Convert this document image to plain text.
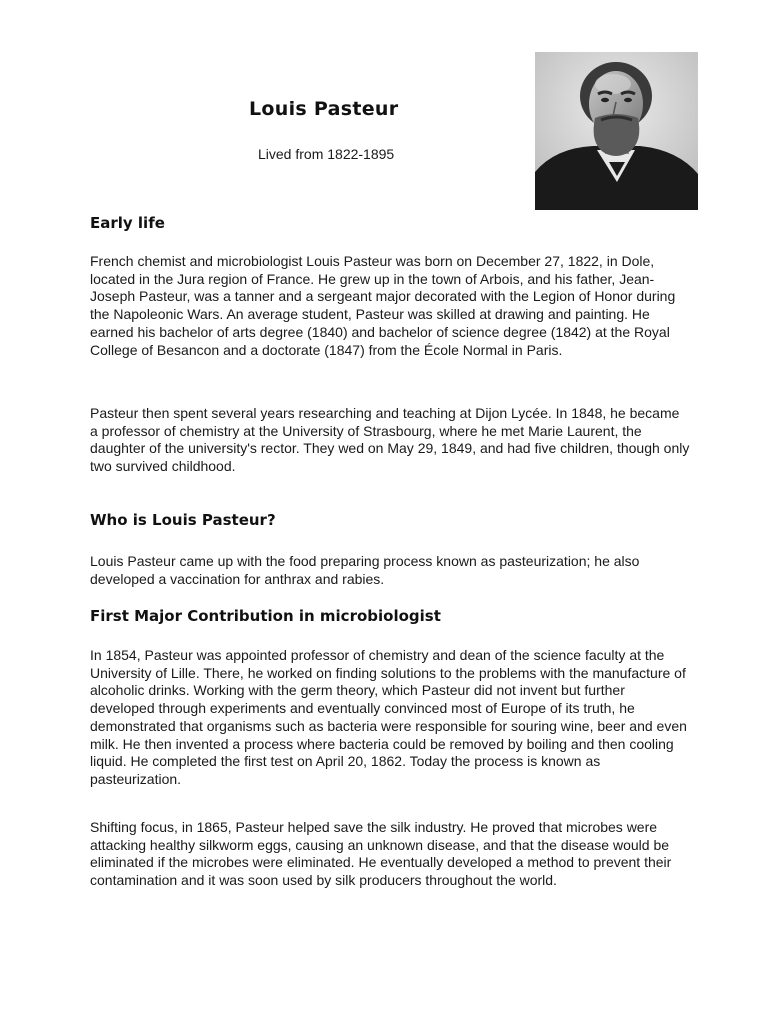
Louis Pasteur

Lived from 1822-1895

Early life

French chemist and microbiologist Louis Pasteur was born on December 27, 1822, in Dole, located in the Jura region of France. He grew up in the town of Arbois, and his father, Jean-Joseph Pasteur, was a tanner and a sergeant major decorated with the Legion of Honor during the Napoleonic Wars. An average student, Pasteur was skilled at drawing and painting. He earned his bachelor of arts degree (1840) and bachelor of science degree (1842) at the Royal College of Besancon and a doctorate (1847) from the École Normal in Paris.

Pasteur then spent several years researching and teaching at Dijon Lycée. In 1848, he became a professor of chemistry at the University of Strasbourg, where he met Marie Laurent, the daughter of the university's rector. They wed on May 29, 1849, and had five children, though only two survived childhood.

Who is Louis Pasteur?

Louis Pasteur came up with the food preparing process known as pasteurization; he also developed a vaccination for anthrax and rabies.

First Major Contribution in microbiologist

In 1854, Pasteur was appointed professor of chemistry and dean of the science faculty at the University of Lille. There, he worked on finding solutions to the problems with the manufacture of alcoholic drinks. Working with the germ theory, which Pasteur did not invent but further developed through experiments and eventually convinced most of Europe of its truth, he demonstrated that organisms such as bacteria were responsible for souring wine, beer and even milk. He then invented a process where bacteria could be removed by boiling and then cooling liquid. He completed the first test on April 20, 1862. Today the process is known as pasteurization.

Shifting focus, in 1865, Pasteur helped save the silk industry. He proved that microbes were attacking healthy silkworm eggs, causing an unknown disease, and that the disease would be eliminated if the microbes were eliminated. He eventually developed a method to prevent their contamination and it was soon used by silk producers throughout the world.
